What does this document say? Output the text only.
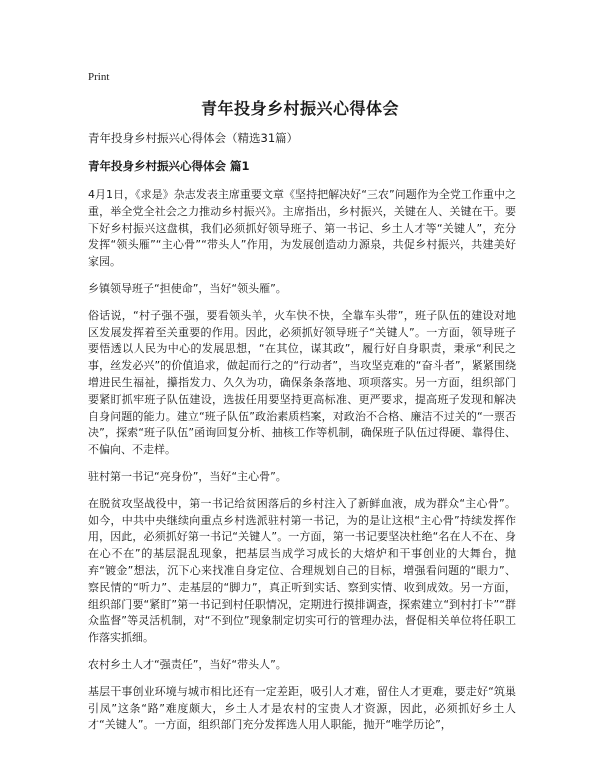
Print
青年投身乡村振兴心得体会
青年投身乡村振兴心得体会（精选31篇）
青年投身乡村振兴心得体会 篇1

4月1日，《求是》杂志发表主席重要文章《坚持把解决好“三农”问题作为全党工作重中之重，举全党全社会之力推动乡村振兴》。主席指出，乡村振兴，关键在人、关键在干。要下好乡村振兴这盘棋，我们必须抓好领导班子、第一书记、乡土人才等“关键人”，充分发挥“领头雁”“主心骨”“带头人”作用，为发展创造动力源泉，共促乡村振兴，共建美好家园。

乡镇领导班子“担使命”，当好“领头雁”。

俗话说，“村子强不强，要看领头羊，火车快不快，全靠车头带”，班子队伍的建设对地区发展发挥着至关重要的作用。因此，必须抓好领导班子“关键人”。一方面，领导班子要悟透以人民为中心的发展思想，“在其位，谋其政”，履行好自身职责，秉承“利民之事，丝发必兴”的价值追求，做起而行之的“行动者”，当攻坚克难的“奋斗者”，紧紧围绕增进民生福祉，攥指发力、久久为功，确保条条落地、项项落实。另一方面，组织部门要紧盯抓牢班子队伍建设，选拔任用要坚持更高标准、更严要求，提高班子发现和解决自身问题的能力。建立“班子队伍”政治素质档案，对政治不合格、廉洁不过关的“一票否决”，探索“班子队伍”函询回复分析、抽核工作等机制，确保班子队伍过得硬、靠得住、不偏向、不走样。

驻村第一书记“亮身份”，当好“主心骨”。

在脱贫攻坚战役中，第一书记给贫困落后的乡村注入了新鲜血液，成为群众“主心骨”。如今，中共中央继续向重点乡村选派驻村第一书记，为的是让这根“主心骨”持续发挥作用，因此，必须抓好第一书记“关键人”。一方面，第一书记要坚决杜绝“名在人不在、身在心不在”的基层混乱现象，把基层当成学习成长的大熔炉和干事创业的大舞台，抛弃“镀金”想法，沉下心来找准自身定位、合理规划自己的目标，增强看问题的“眼力”、察民情的“听力”、走基层的“脚力”，真正听到实话、察到实情、收到成效。另一方面，组织部门要“紧盯”第一书记到村任职情况，定期进行摸排调查，探索建立“到村打卡”“群众监督”等灵活机制，对“不到位”现象制定切实可行的管理办法，督促相关单位将任职工作落实抓细。

农村乡土人才“强责任”，当好“带头人”。

基层干事创业环境与城市相比还有一定差距，吸引人才难，留住人才更难，要走好“筑巢引凤”这条“路”难度颇大，乡土人才是农村的宝贵人才资源，因此，必须抓好乡土人才“关键人”。一方面，组织部门充分发挥选人用人职能，抛开“唯学历论”，
